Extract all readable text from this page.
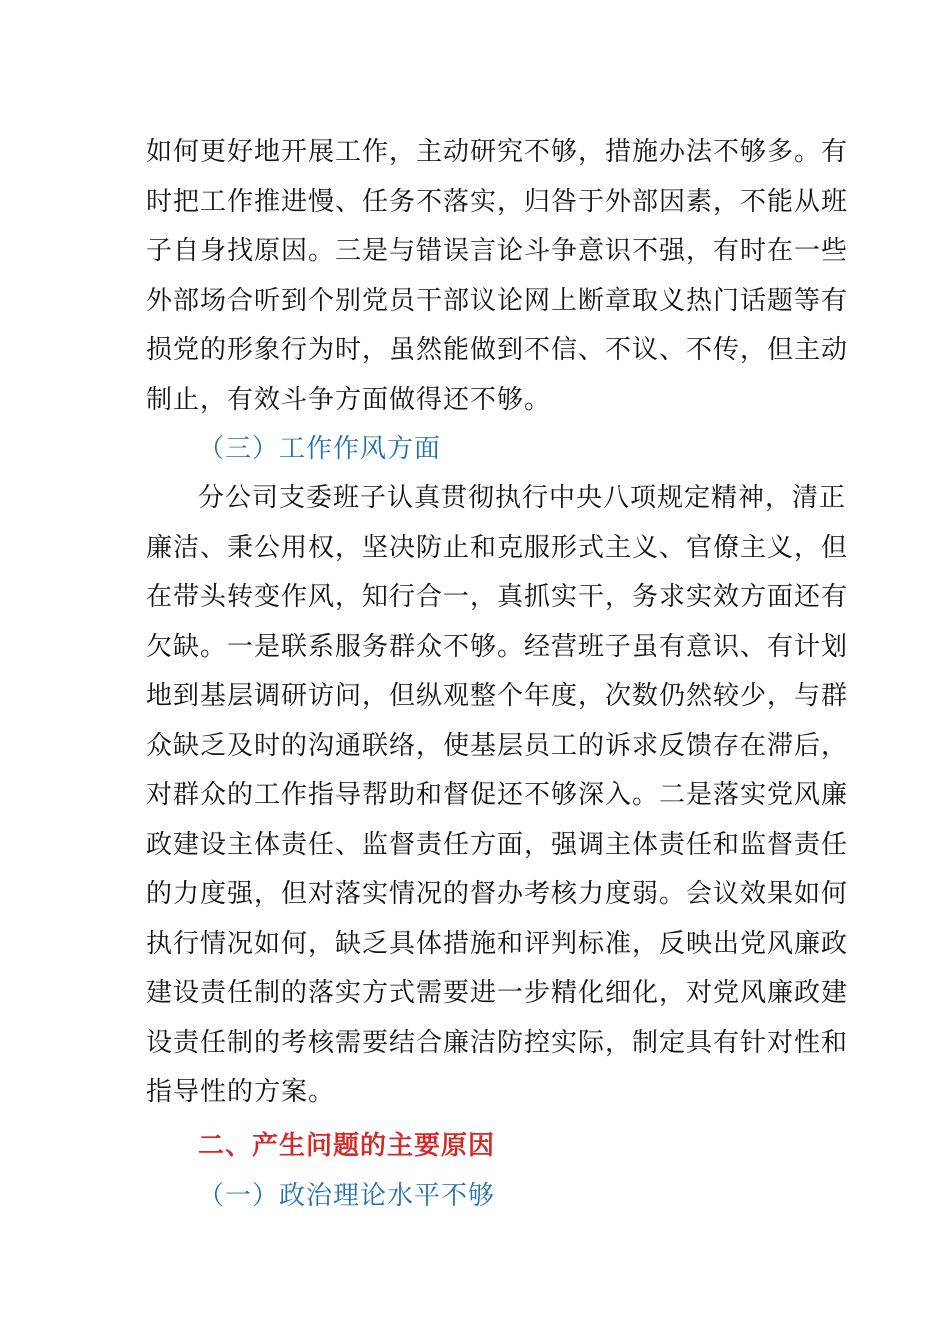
如何更好地开展工作，主动研究不够，措施办法不够多。有
时把工作推进慢、任务不落实，归咎于外部因素，不能从班
子自身找原因。三是与错误言论斗争意识不强，有时在一些
外部场合听到个别党员干部议论网上断章取义热门话题等有
损党的形象行为时，虽然能做到不信、不议、不传，但主动
制止，有效斗争方面做得还不够。

（三）工作作风方面

分公司支委班子认真贯彻执行中央八项规定精神，清正
廉洁、秉公用权，坚决防止和克服形式主义、官僚主义，但
在带头转变作风，知行合一，真抓实干，务求实效方面还有
欠缺。一是联系服务群众不够。经营班子虽有意识、有计划
地到基层调研访问，但纵观整个年度，次数仍然较少，与群
众缺乏及时的沟通联络，使基层员工的诉求反馈存在滞后，
对群众的工作指导帮助和督促还不够深入。二是落实党风廉
政建设主体责任、监督责任方面，强调主体责任和监督责任
的力度强，但对落实情况的督办考核力度弱。会议效果如何
执行情况如何，缺乏具体措施和评判标准，反映出党风廉政
建设责任制的落实方式需要进一步精化细化，对党风廉政建
设责任制的考核需要结合廉洁防控实际，制定具有针对性和
指导性的方案。

二、产生问题的主要原因

（一）政治理论水平不够
